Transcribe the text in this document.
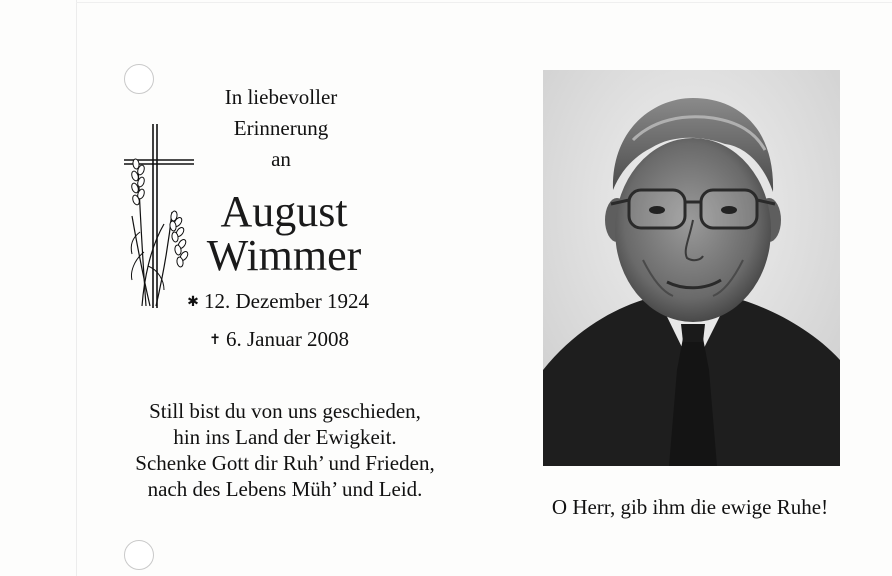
In liebevoller
Erinnerung
an
August
Wimmer
✱ 12. Dezember 1924
✝ 6. Januar 2008
Still bist du von uns geschieden,
hin ins Land der Ewigkeit.
Schenke Gott dir Ruh’ und Frieden,
nach des Lebens Müh’ und Leid.
O Herr, gib ihm die ewige Ruhe!
